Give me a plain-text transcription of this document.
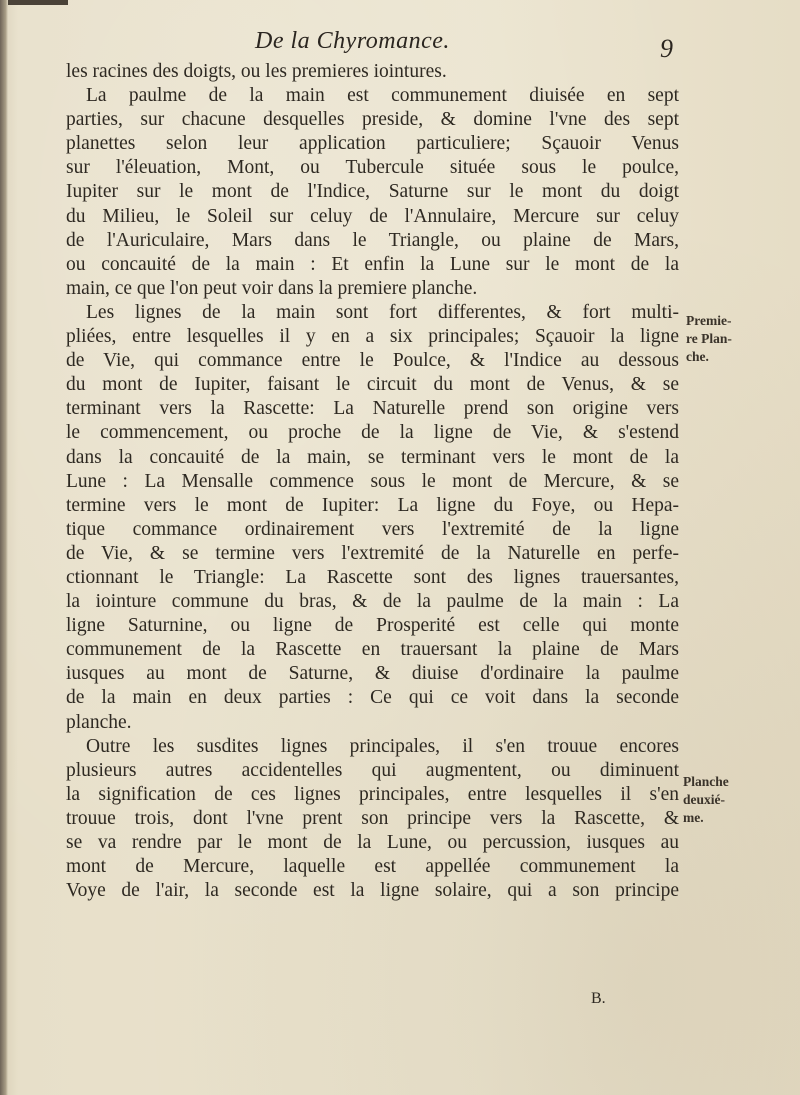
De la Chyromance.	9
les racines des doigts, ou les premieres iointures.
La paulme de la main est communement diuisée en sept
parties, sur chacune desquelles preside, & domine l'vne des sept
planettes selon leur application particuliere; Sçauoir Venus
sur l'éleuation, Mont, ou Tubercule située sous le poulce,
Iupiter sur le mont de l'Indice, Saturne sur le mont du doigt
du Milieu, le Soleil sur celuy de l'Annulaire, Mercure sur celuy
de l'Auriculaire, Mars dans le Triangle, ou plaine de Mars,
ou concauité de la main : Et enfin la Lune sur le mont de la
main, ce que l'on peut voir dans la premiere planche.
Les lignes de la main sont fort differentes, & fort multi-
pliées, entre lesquelles il y en a six principales; Sçauoir la ligne
de Vie, qui commance entre le Poulce, & l'Indice au dessous
du mont de Iupiter, faisant le circuit du mont de Venus, & se
terminant vers la Rascette: La Naturelle prend son origine vers
le commencement, ou proche de la ligne de Vie, & s'estend
dans la concauité de la main, se terminant vers le mont de la
Lune : La Mensalle commence sous le mont de Mercure, & se
termine vers le mont de Iupiter: La ligne du Foye, ou Hepa-
tique commance ordinairement vers l'extremité de la ligne
de Vie, & se termine vers l'extremité de la Naturelle en perfe-
ctionnant le Triangle: La Rascette sont des lignes trauersantes,
la iointure commune du bras, & de la paulme de la main : La
ligne Saturnine, ou ligne de Prosperité est celle qui monte
communement de la Rascette en trauersant la plaine de Mars
iusques au mont de Saturne, & diuise d'ordinaire la paulme
de la main en deux parties : Ce qui ce voit dans la seconde
planche.
Outre les susdites lignes principales, il s'en trouue encores
plusieurs autres accidentelles qui augmentent, ou diminuent
la signification de ces lignes principales, entre lesquelles il s'en
trouue trois, dont l'vne prent son principe vers la Rascette, &
se va rendre par le mont de la Lune, ou percussion, iusques au
mont de Mercure, laquelle est appellée communement la
Voye de l'air, la seconde est la ligne solaire, qui a son principe
Premie-
re Plan-
che.
Planche
deuxié-
me.
B.
